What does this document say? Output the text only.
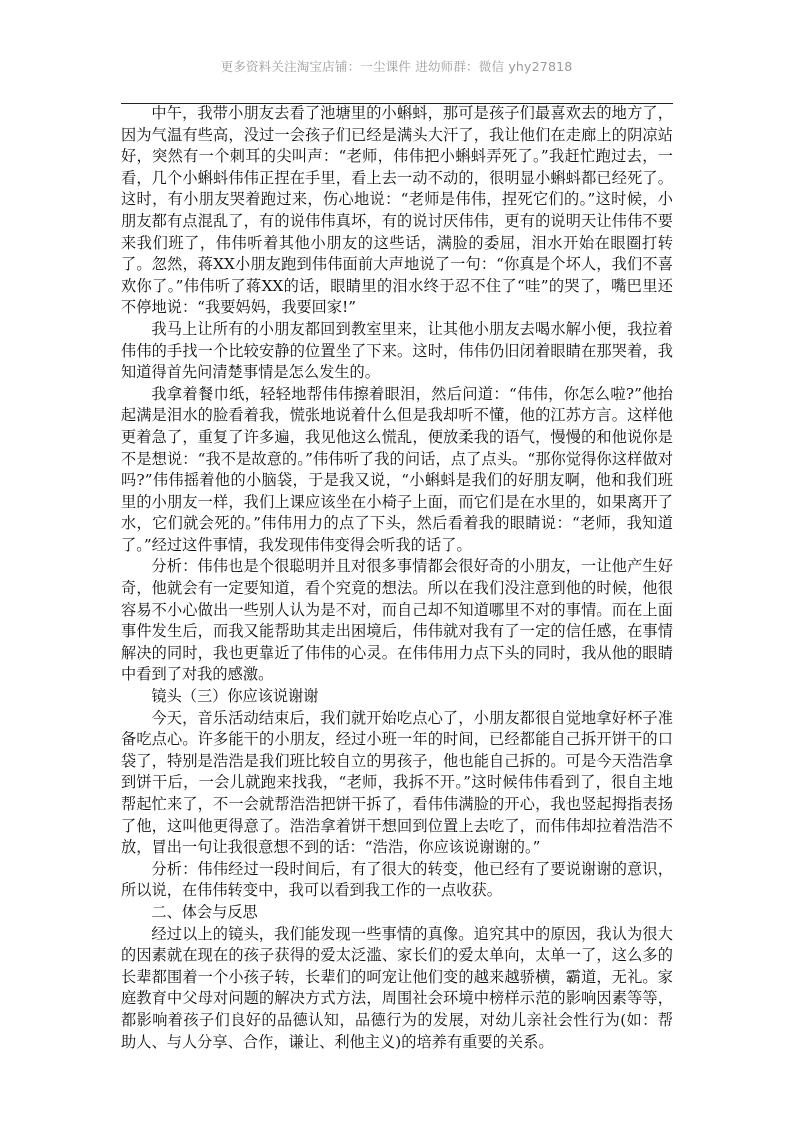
更多资料关注淘宝店铺：一尘课件 进幼师群：微信 yhy27818

中午，我带小朋友去看了池塘里的小蝌蚪，那可是孩子们最喜欢去的地方了，因为气温有些高，没过一会孩子们已经是满头大汗了，我让他们在走廊上的阴凉站好，突然有一个刺耳的尖叫声：“老师，伟伟把小蝌蚪弄死了。”我赶忙跑过去，一看，几个小蝌蚪伟伟正捏在手里，看上去一动不动的，很明显小蝌蚪都已经死了。这时，有小朋友哭着跑过来，伤心地说：“老师是伟伟，捏死它们的。”这时候，小朋友都有点混乱了，有的说伟伟真坏，有的说讨厌伟伟，更有的说明天让伟伟不要来我们班了，伟伟听着其他小朋友的这些话，满脸的委屈，泪水开始在眼圈打转了。忽然，蒋XX小朋友跑到伟伟面前大声地说了一句：“你真是个坏人，我们不喜欢你了。”伟伟听了蒋XX的话，眼睛里的泪水终于忍不住了“哇”的哭了，嘴巴里还不停地说：“我要妈妈，我要回家!”

我马上让所有的小朋友都回到教室里来，让其他小朋友去喝水解小便，我拉着伟伟的手找一个比较安静的位置坐了下来。这时，伟伟仍旧闭着眼睛在那哭着，我知道得首先问清楚事情是怎么发生的。

我拿着餐巾纸，轻轻地帮伟伟擦着眼泪，然后问道：“伟伟，你怎么啦?”他抬起满是泪水的脸看着我，慌张地说着什么但是我却听不懂，他的江苏方言。这样他更着急了，重复了许多遍，我见他这么慌乱，便放柔我的语气，慢慢的和他说你是不是想说：“我不是故意的。”伟伟听了我的问话，点了点头。“那你觉得你这样做对吗?”伟伟摇着他的小脑袋，于是我又说，“小蝌蚪是我们的好朋友啊，他和我们班里的小朋友一样，我们上课应该坐在小椅子上面，而它们是在水里的，如果离开了水，它们就会死的。”伟伟用力的点了下头，然后看着我的眼睛说：“老师，我知道了。”经过这件事情，我发现伟伟变得会听我的话了。

分析：伟伟也是个很聪明并且对很多事情都会很好奇的小朋友，一让他产生好奇，他就会有一定要知道，看个究竟的想法。所以在我们没注意到他的时候，他很容易不小心做出一些别人认为是不对，而自己却不知道哪里不对的事情。而在上面事件发生后，而我又能帮助其走出困境后，伟伟就对我有了一定的信任感，在事情解决的同时，我也更靠近了伟伟的心灵。在伟伟用力点下头的同时，我从他的眼睛中看到了对我的感激。

镜头（三）你应该说谢谢

今天，音乐活动结束后，我们就开始吃点心了，小朋友都很自觉地拿好杯子准备吃点心。许多能干的小朋友，经过小班一年的时间，已经都能自己拆开饼干的口袋了，特别是浩浩是我们班比较自立的男孩子，他也能自己拆的。可是今天浩浩拿到饼干后，一会儿就跑来找我，“老师，我拆不开。”这时候伟伟看到了，很自主地帮起忙来了，不一会就帮浩浩把饼干拆了，看伟伟满脸的开心，我也竖起拇指表扬了他，这叫他更得意了。浩浩拿着饼干想回到位置上去吃了，而伟伟却拉着浩浩不放，冒出一句让我很意想不到的话：“浩浩，你应该说谢谢的。”

分析：伟伟经过一段时间后，有了很大的转变，他已经有了要说谢谢的意识，所以说，在伟伟转变中，我可以看到我工作的一点收获。

二、体会与反思

经过以上的镜头，我们能发现一些事情的真像。追究其中的原因，我认为很大的因素就在现在的孩子获得的爱太泛滥、家长们的爱太单向，太单一了，这么多的长辈都围着一个小孩子转，长辈们的呵宠让他们变的越来越骄横，霸道，无礼。家庭教育中父母对问题的解决方式方法，周围社会环境中榜样示范的影响因素等等，都影响着孩子们良好的品德认知，品德行为的发展，对幼儿亲社会性行为(如：帮助人、与人分享、合作，谦让、利他主义)的培养有重要的关系。
